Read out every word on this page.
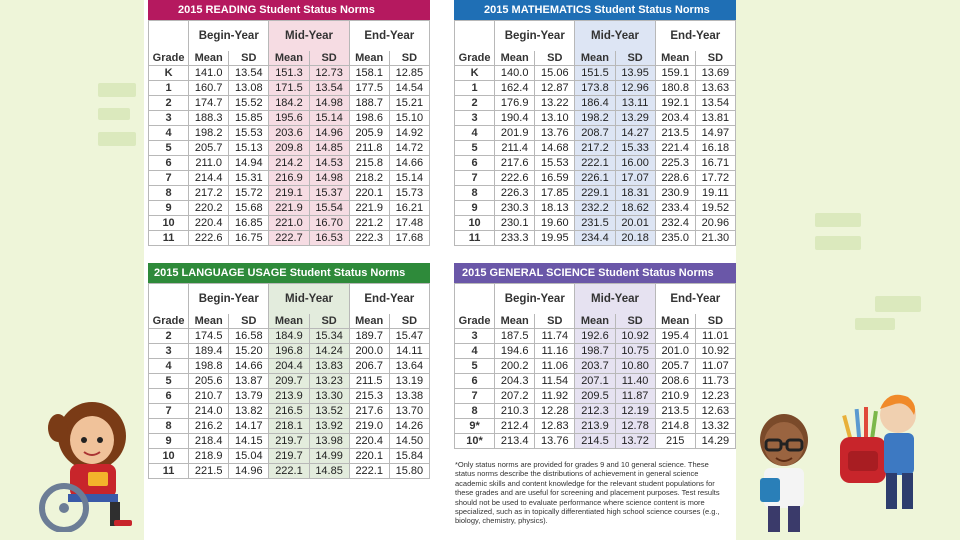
2015 READING Student Status Norms
	Begin-Year		Mid-Year		End-Year	
Grade	Mean	SD	Mean	SD	Mean	SD
K	141.0	13.54	151.3	12.73	158.1	12.85
1	160.7	13.08	171.5	13.54	177.5	14.54
2	174.7	15.52	184.2	14.98	188.7	15.21
3	188.3	15.85	195.6	15.14	198.6	15.10
4	198.2	15.53	203.6	14.96	205.9	14.92
5	205.7	15.13	209.8	14.85	211.8	14.72
6	211.0	14.94	214.2	14.53	215.8	14.66
7	214.4	15.31	216.9	14.98	218.2	15.14
8	217.2	15.72	219.1	15.37	220.1	15.73
9	220.2	15.68	221.9	15.54	221.9	16.21
10	220.4	16.85	221.0	16.70	221.2	17.48
11	222.6	16.75	222.7	16.53	222.3	17.68
2015 MATHEMATICS Student Status Norms
	Begin-Year		Mid-Year		End-Year	
Grade	Mean	SD	Mean	SD	Mean	SD
K	140.0	15.06	151.5	13.95	159.1	13.69
1	162.4	12.87	173.8	12.96	180.8	13.63
2	176.9	13.22	186.4	13.11	192.1	13.54
3	190.4	13.10	198.2	13.29	203.4	13.81
4	201.9	13.76	208.7	14.27	213.5	14.97
5	211.4	14.68	217.2	15.33	221.4	16.18
6	217.6	15.53	222.1	16.00	225.3	16.71
7	222.6	16.59	226.1	17.07	228.6	17.72
8	226.3	17.85	229.1	18.31	230.9	19.11
9	230.3	18.13	232.2	18.62	233.4	19.52
10	230.1	19.60	231.5	20.01	232.4	20.96
11	233.3	19.95	234.4	20.18	235.0	21.30
2015 LANGUAGE USAGE Student Status Norms
	Begin-Year		Mid-Year		End-Year	
Grade	Mean	SD	Mean	SD	Mean	SD
2	174.5	16.58	184.9	15.34	189.7	15.47
3	189.4	15.20	196.8	14.24	200.0	14.11
4	198.8	14.66	204.4	13.83	206.7	13.64
5	205.6	13.87	209.7	13.23	211.5	13.19
6	210.7	13.79	213.9	13.30	215.3	13.38
7	214.0	13.82	216.5	13.52	217.6	13.70
8	216.2	14.17	218.1	13.92	219.0	14.26
9	218.4	14.15	219.7	13.98	220.4	14.50
10	218.9	15.04	219.7	14.99	220.1	15.84
11	221.5	14.96	222.1	14.85	222.1	15.80
2015 GENERAL SCIENCE Student Status Norms
	Begin-Year		Mid-Year		End-Year	
Grade	Mean	SD	Mean	SD	Mean	SD
3	187.5	11.74	192.6	10.92	195.4	11.01
4	194.6	11.16	198.7	10.75	201.0	10.92
5	200.2	11.06	203.7	10.80	205.7	11.07
6	204.3	11.54	207.1	11.40	208.6	11.73
7	207.2	11.92	209.5	11.87	210.9	12.23
8	210.3	12.28	212.3	12.19	213.5	12.63
9*	212.4	12.83	213.9	12.78	214.8	13.32
10*	213.4	13.76	214.5	13.72	215	14.29
*Only status norms are provided for grades 9 and 10 general science. These status norms describe the distributions of achievement in general science academic skills and content knowledge for the relevant student populations for these grades and are useful for screening and placement purposes. Test results should not be used to evaluate performance where science content is more specialized, such as in topically differentiated high school science courses (e.g., biology, chemistry, physics).
